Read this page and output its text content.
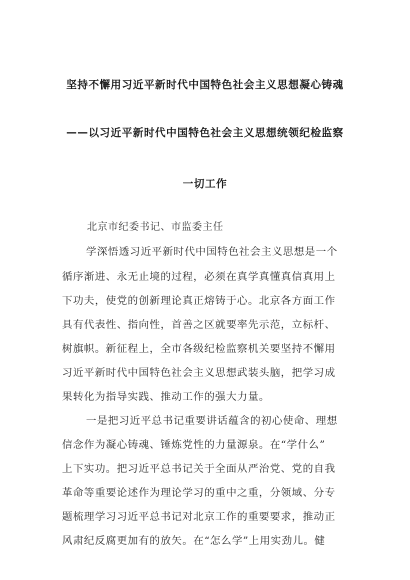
坚持不懈用习近平新时代中国特色社会主义思想凝心铸魂
——以习近平新时代中国特色社会主义思想统领纪检监察
一切工作

北京市纪委书记、市监委主任

学深悟透习近平新时代中国特色社会主义思想是一个

循序渐进、永无止境的过程，必须在真学真懂真信真用上

下功夫，使党的创新理论真正熔铸于心。北京各方面工作

具有代表性、指向性，首善之区就要率先示范，立标杆、

树旗帜。新征程上，全市各级纪检监察机关要坚持不懈用

习近平新时代中国特色社会主义思想武装头脑，把学习成

果转化为指导实践、推动工作的强大力量。

一是把习近平总书记重要讲话蕴含的初心使命、理想

信念作为凝心铸魂、锤炼党性的力量源泉。在“学什么”

上下实功。把习近平总书记关于全面从严治党、党的自我

革命等重要论述作为理论学习的重中之重，分领域、分专

题梳理学习习近平总书记对北京工作的重要要求，推动正

风肃纪反腐更加有的放矢。在“怎么学”上用实劲儿。健
